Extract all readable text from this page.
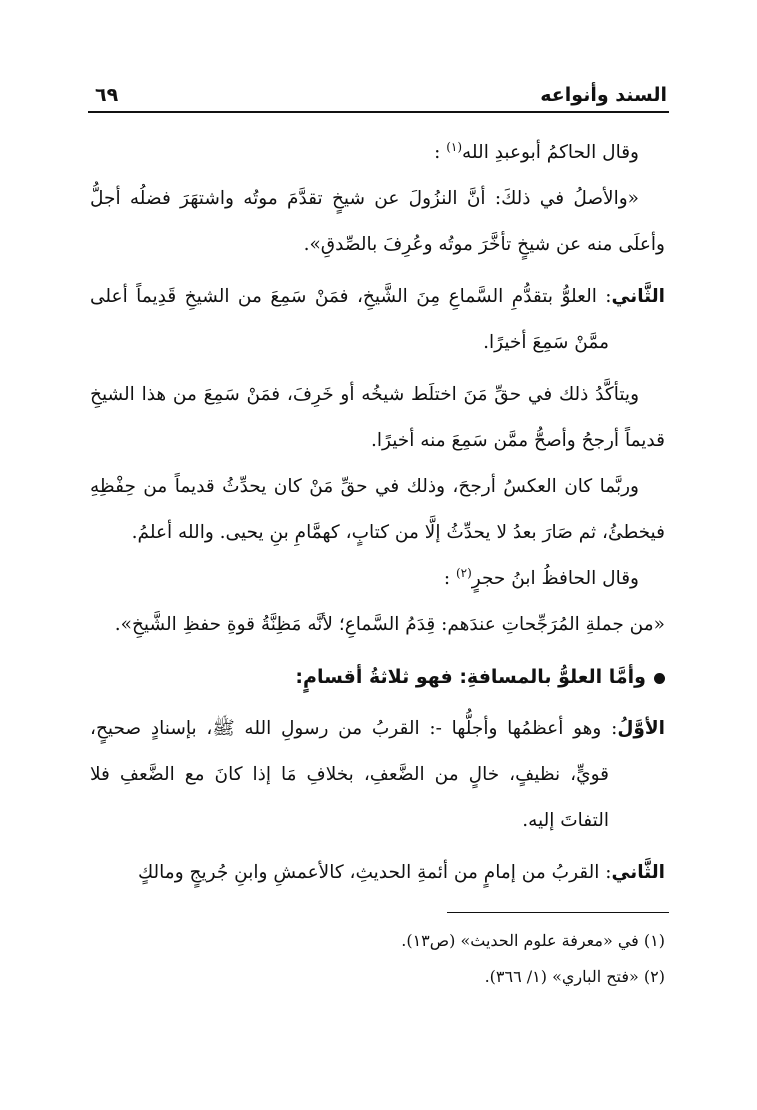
السند وأنواعه
٦٩

وقال الحاكمُ أبوعبدِ الله$^{(١)}$ :

«والأصلُ في ذلكَ: أنَّ النزُولَ عن شيخٍ تقدَّمَ موتُه واشتهَرَ فضلُه أجلُّ وأعلَى منه عن شيخٍ تأخَّرَ موتُه وعُرِفَ بالصِّدقِ».

الثَّاني: العلوُّ بتقدُّمِ السَّماعِ مِنَ الشَّيخِ، فمَنْ سَمِعَ من الشيخِ قَدِيماً أعلى ممَّنْ سَمِعَ أخيرًا.

ويتأكَّدُ ذلك في حقِّ مَنَ اختلَط شيخُه أو خَرِفَ، فمَنْ سَمِعَ من هذا الشيخِ قديماً أرجحُ وأصحُّ ممَّن سَمِعَ منه أخيرًا.

وربَّما كان العكسُ أرجحَ، وذلك في حقِّ مَنْ كان يحدِّثُ قديماً من حِفْظِهِ فيخطئُ، ثم صَارَ بعدُ لا يحدِّثُ إلَّا من كتابٍ، كهمَّامِ بنِ يحيى. والله أعلمُ.

وقال الحافظُ ابنُ حجرٍ$^{(٢)}$ :

«من جملةِ المُرَجِّحاتِ عندَهم: قِدَمُ السَّماعِ؛ لأنَّه مَظِنَّةُ قوةِ حفظِ الشَّيخِ».

وأمَّا العلوُّ بالمسافةِ: فهو ثلاثةُ أقسامٍ:

الأوَّلُ: وهو أعظمُها وأجلُّها -: القربُ من رسولِ الله ﷺ، بإسنادٍ صحيحٍ، قويٍّ، نظيفٍ، خالٍ من الضَّعفِ، بخلافِ مَا إذا كانَ مع الضَّعفِ فلا التفاتَ إليه.

الثَّاني: القربُ من إمامٍ من أئمةِ الحديثِ، كالأعمشِ وابنِ جُريجٍ ومالكٍ

(١) في «معرفة علوم الحديث» (ص١٣).

(٢) «فتح الباري» (١/ ٣٦٦).
